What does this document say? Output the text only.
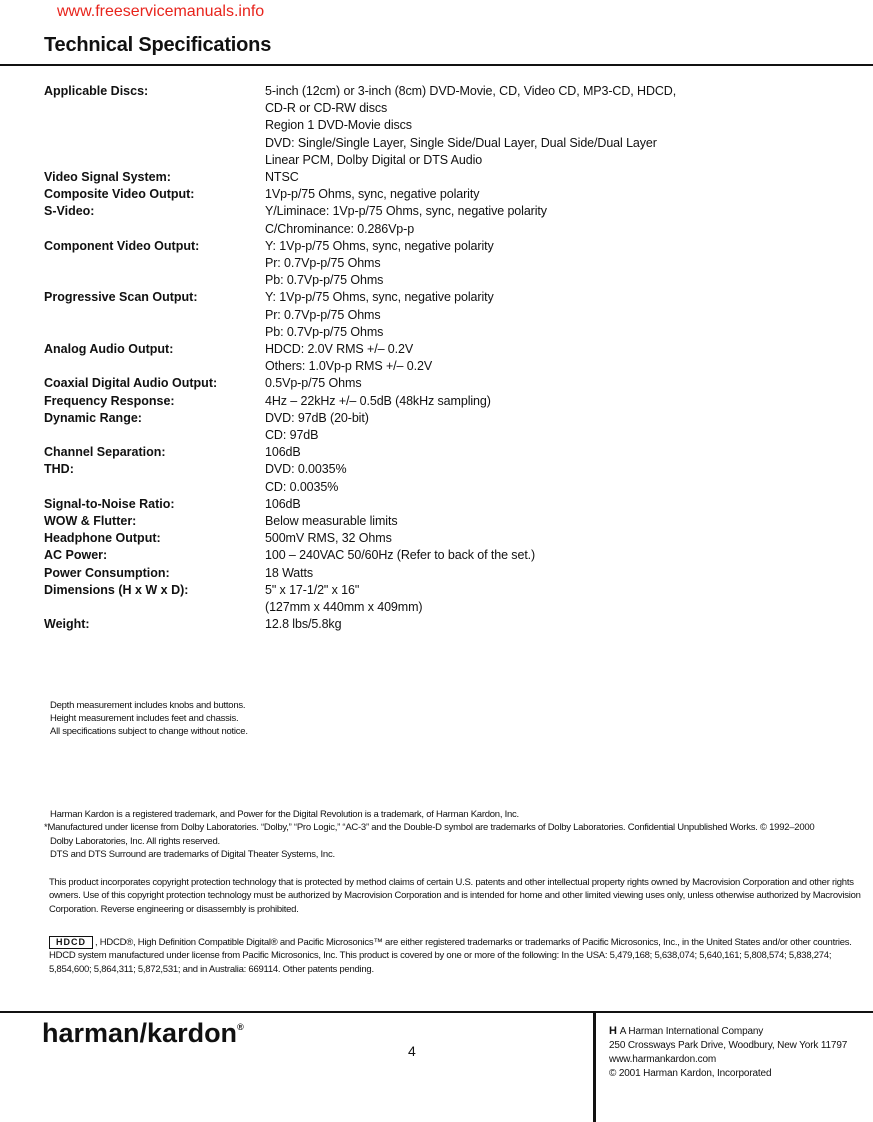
www.freeservicemanuals.info
Technical Specifications
Applicable Discs:	5-inch (12cm) or 3-inch (8cm) DVD-Movie, CD, Video CD, MP3-CD, HDCD,
CD-R or CD-RW discs
Region 1 DVD-Movie discs
DVD: Single/Single Layer, Single Side/Dual Layer, Dual Side/Dual Layer
Linear PCM, Dolby Digital or DTS Audio
Video Signal System:	NTSC
Composite Video Output:	1Vp-p/75 Ohms, sync, negative polarity
S-Video:	Y/Liminace: 1Vp-p/75 Ohms, sync, negative polarity
C/Chrominance: 0.286Vp-p
Component Video Output:	Y: 1Vp-p/75 Ohms, sync, negative polarity
Pr: 0.7Vp-p/75 Ohms
Pb: 0.7Vp-p/75 Ohms
Progressive Scan Output:	Y: 1Vp-p/75 Ohms, sync, negative polarity
Pr: 0.7Vp-p/75 Ohms
Pb: 0.7Vp-p/75 Ohms
Analog Audio Output:	HDCD: 2.0V RMS +/– 0.2V
Others: 1.0Vp-p RMS +/– 0.2V
Coaxial Digital Audio Output:	0.5Vp-p/75 Ohms
Frequency Response:	4Hz – 22kHz +/– 0.5dB (48kHz sampling)
Dynamic Range:	DVD: 97dB (20-bit)
CD: 97dB
Channel Separation:	106dB
THD:	DVD: 0.0035%
CD: 0.0035%
Signal-to-Noise Ratio:	106dB
WOW & Flutter:	Below measurable limits
Headphone Output:	500mV RMS, 32 Ohms
AC Power:	100 – 240VAC 50/60Hz (Refer to back of the set.)
Power Consumption:	18 Watts
Dimensions (H x W x D):	5" x 17-1/2" x 16"
(127mm x 440mm x 409mm)
Weight:	12.8 lbs/5.8kg
Depth measurement includes knobs and buttons.
Height measurement includes feet and chassis.
All specifications subject to change without notice.
Harman Kardon is a registered trademark, and Power for the Digital Revolution is a trademark, of Harman Kardon, Inc.
*Manufactured under license from Dolby Laboratories. “Dolby,” “Pro Logic,” “AC-3” and the Double-D symbol are trademarks of Dolby Laboratories. Confidential Unpublished Works. © 1992–2000
Dolby Laboratories, Inc. All rights reserved.
DTS and DTS Surround are trademarks of Digital Theater Systems, Inc.
This product incorporates copyright protection technology that is protected by method claims of certain U.S. patents and other intellectual property rights owned by Macrovision Corporation and other rights owners. Use of this copyright protection technology must be authorized by Macrovision Corporation and is intended for home and other limited viewing uses only, unless otherwise authorized by Macrovision Corporation. Reverse engineering or disassembly is prohibited.
HDCD , HDCD®, High Definition Compatible Digital® and Pacific Microsonics™ are either registered trademarks or trademarks of Pacific Microsonics, Inc., in the United States and/or other countries. HDCD system manufactured under license from Pacific Microsonics, Inc. This product is covered by one or more of the following: In the USA: 5,479,168; 5,638,074; 5,640,161; 5,808,574; 5,838,274; 5,854,600; 5,864,311; 5,872,531; and in Australia: 669114. Other patents pending.
harman/kardon®
4
H A Harman International Company
250 Crossways Park Drive, Woodbury, New York 11797
www.harmankardon.com
© 2001 Harman Kardon, Incorporated
